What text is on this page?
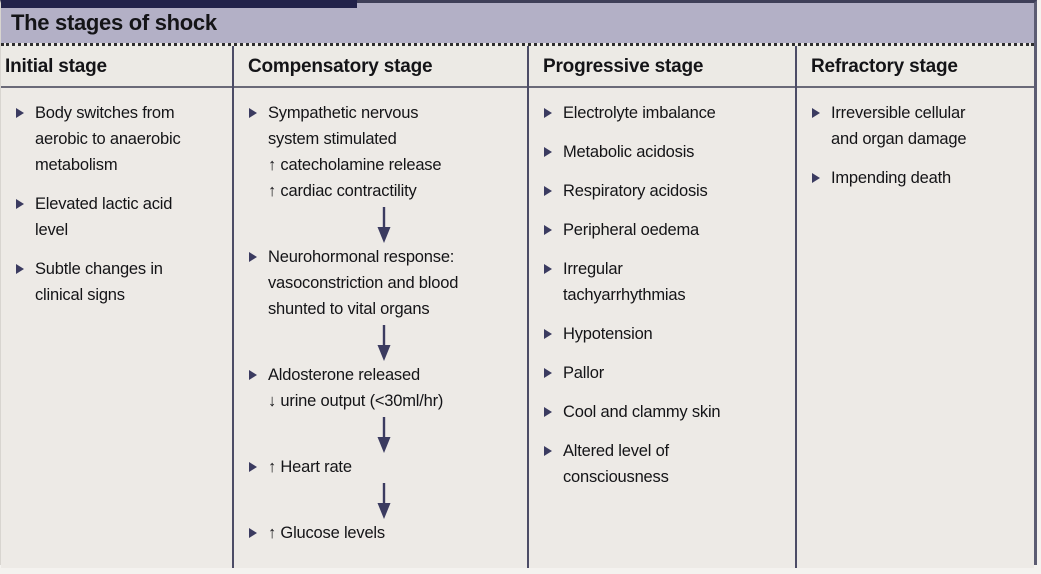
The stages of shock
Initial stage
Body switches from
aerobic to anaerobic
metabolism
Elevated lactic acid
level
Subtle changes in
clinical signs
Compensatory stage
Sympathetic nervous
system stimulated
↑ catecholamine release
↑ cardiac contractility
Neurohormonal response:
vasoconstriction and blood
shunted to vital organs
Aldosterone released
↓ urine output (<30ml/hr)
↑ Heart rate
↑ Glucose levels
Progressive stage
Electrolyte imbalance
Metabolic acidosis
Respiratory acidosis
Peripheral oedema
Irregular
tachyarrhythmias
Hypotension
Pallor
Cool and clammy skin
Altered level of
consciousness
Refractory stage
Irreversible cellular
and organ damage
Impending death
